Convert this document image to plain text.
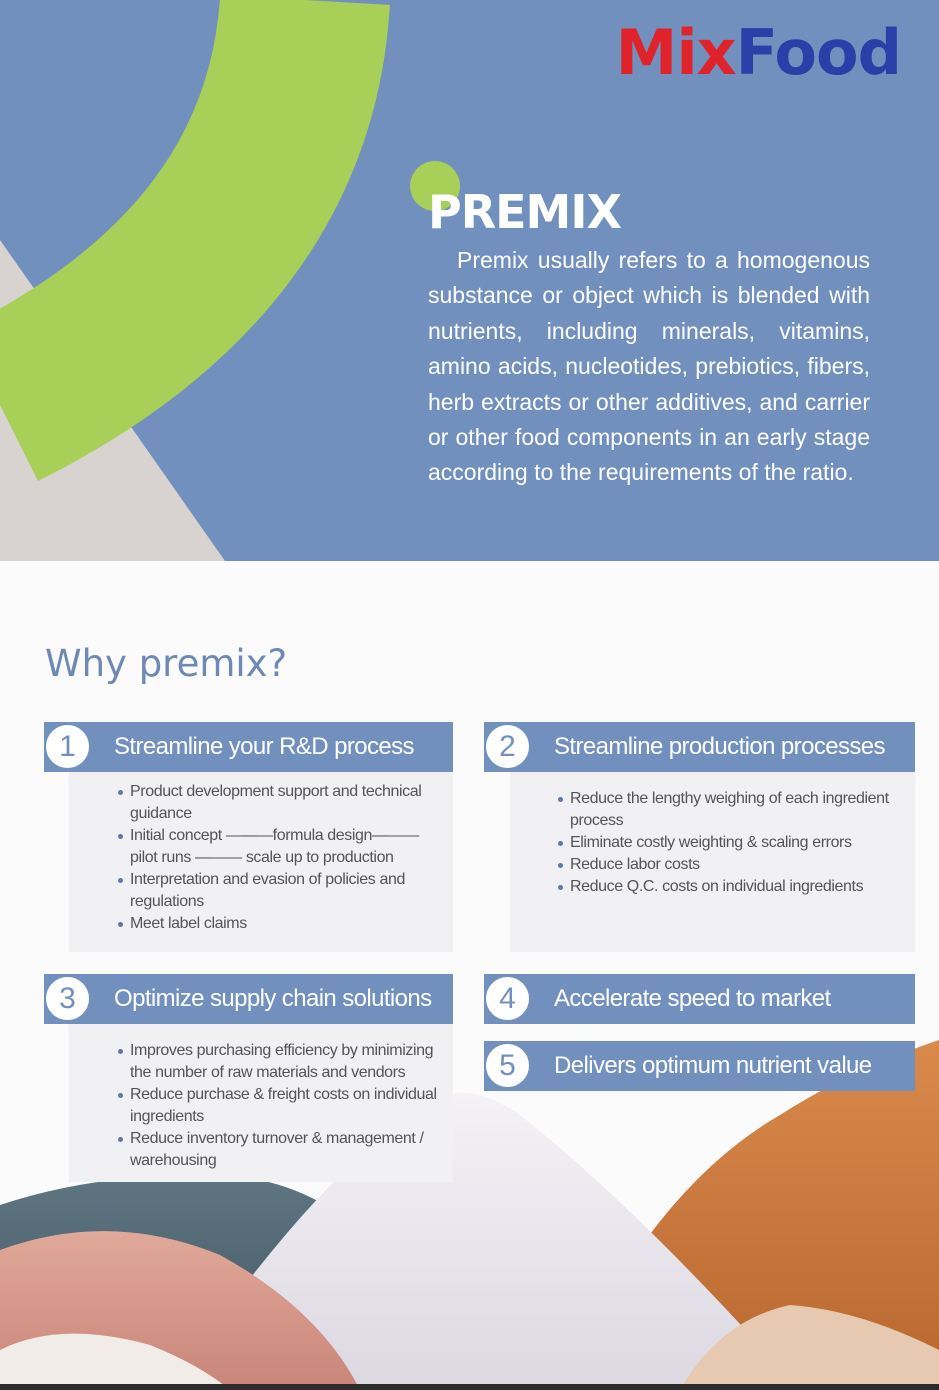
MixFood
PREMIX

Premix usually refers to a homogenous substance or object which is blended with nutrients, including minerals, vitamins, amino acids, nucleotides, prebiotics, fibers, herb extracts or other additives, and carrier or other food components in an early stage according to the requirements of the ratio.

Why premix?
Product development support and technical guidance
Initial concept ———formula design——— pilot runs ——— scale up to production
Interpretation and evasion of policies and regulations
Meet label claims
1	Streamline your R&D process
Reduce the lengthy weighing of each ingredient process
Eliminate costly weighting & scaling errors
Reduce labor costs
Reduce Q.C. costs on individual ingredients
2	Streamline production processes
Improves purchasing efficiency by minimizing the number of raw materials and vendors
Reduce purchase & freight costs on individual ingredients
Reduce inventory turnover & management / warehousing
3	Optimize supply chain solutions	4	Accelerate speed to market
5	Delivers optimum nutrient value
